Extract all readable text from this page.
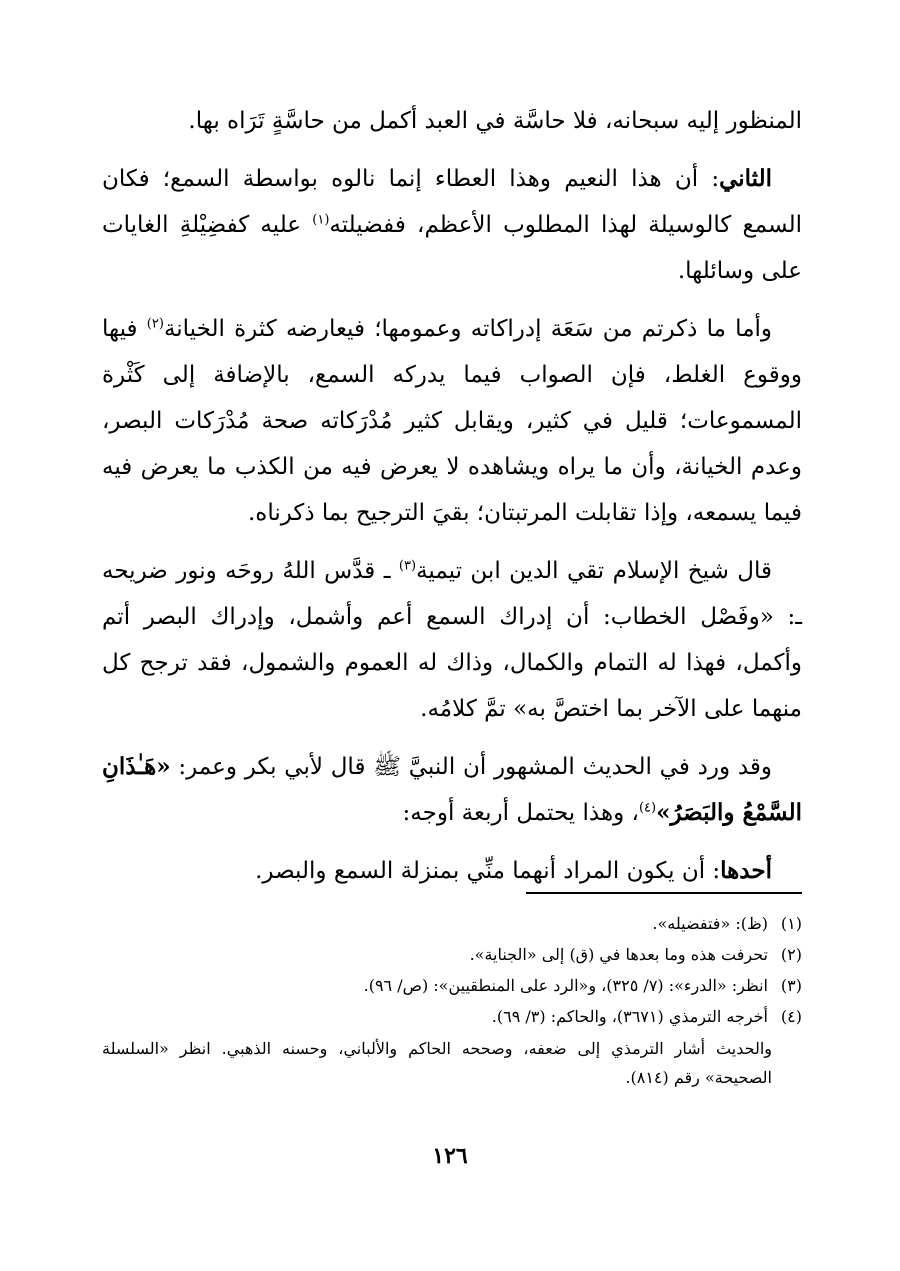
المنظور إليه سبحانه، فلا حاسَّة في العبد أكمل من حاسَّةٍ تَرَاه بها.

الثاني: أن هذا النعيم وهذا العطاء إنما نالوه بواسطة السمع؛ فكان السمع كالوسيلة لهذا المطلوب الأعظم، ففضيلته$^{(١)}$ عليه كفضِيْلةِ الغايات على وسائلها.

وأما ما ذكرتم من سَعَة إدراكاته وعمومها؛ فيعارضه كثرة الخيانة$^{(٢)}$ فيها ووقوع الغلط، فإن الصواب فيما يدركه السمع، بالإضافة إلى كَثْرة المسموعات؛ قليل في كثير، ويقابل كثير مُدْرَكاته صحة مُدْرَكات البصر، وعدم الخيانة، وأن ما يراه ويشاهده لا يعرض فيه من الكذب ما يعرض فيه فيما يسمعه، وإذا تقابلت المرتبتان؛ بقيَ الترجيح بما ذكرناه.

قال شيخ الإسلام تقي الدين ابن تيمية$^{(٣)}$ ـ قدَّس اللهُ روحَه ونور ضريحه ـ: «وفَصْل الخطاب: أن إدراك السمع أعم وأشمل، وإدراك البصر أتم وأكمل، فهذا له التمام والكمال، وذاك له العموم والشمول، فقد ترجح كل منهما على الآخر بما اختصَّ به» تمَّ كلامُه.

وقد ورد في الحديث المشهور أن النبيَّ ﷺ قال لأبي بكر وعمر: «هَـٰذَانِ السَّمْعُ والبَصَرُ»$^{(٤)}$، وهذا يحتمل أربعة أوجه:

أحدها: أن يكون المراد أنهما منِّي بمنزلة السمع والبصر.

(١)(ظ): «فتفضيله».

(٢)تحرفت هذه وما بعدها في (ق) إلى «الجناية».

(٣)انظر: «الدرء»: (٧/ ٣٢٥)، و«الرد على المنطقيين»: (ص/ ٩٦).

(٤)أخرجه الترمذي (٣٦٧١)، والحاكم: (٣/ ٦٩).

والحديث أشار الترمذي إلى ضعفه، وصححه الحاكم والألباني، وحسنه الذهبي. انظر «السلسلة الصحيحة» رقم (٨١٤).

١٢٦
